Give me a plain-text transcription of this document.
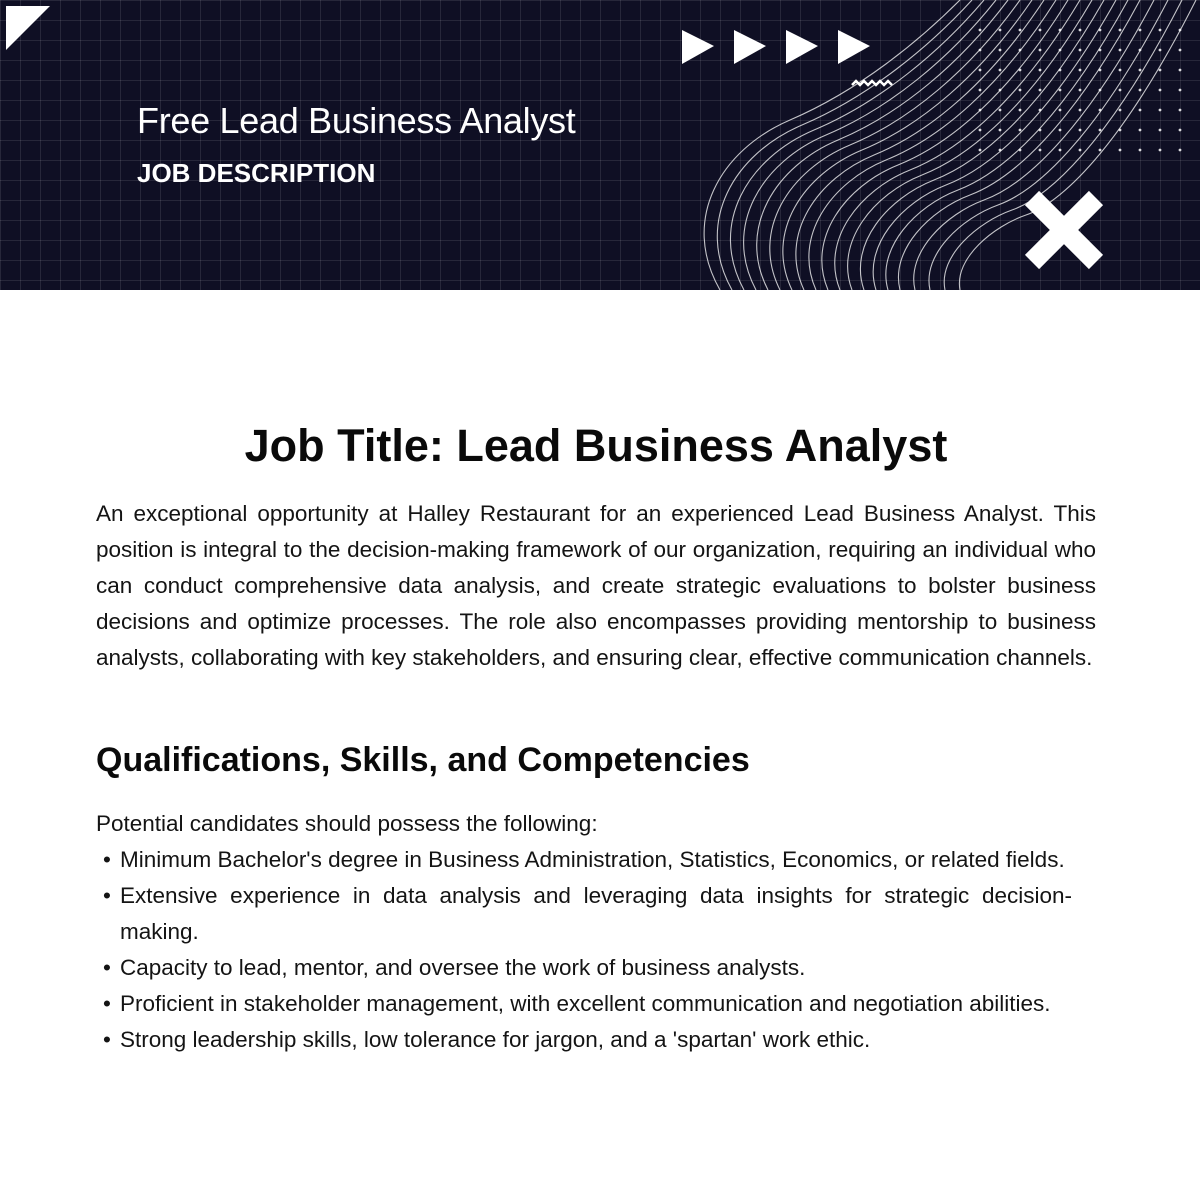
Free Lead Business Analyst
JOB DESCRIPTION
Job Title: Lead Business Analyst

An exceptional opportunity at Halley Restaurant for an experienced Lead Business Analyst. This position is integral to the decision-making framework of our organization, requiring an individual who can conduct comprehensive data analysis, and create strategic evaluations to bolster business decisions and optimize processes. The role also encompasses providing mentorship to business analysts, collaborating with key stakeholders, and ensuring clear, effective communication channels.

Qualifications, Skills, and Competencies

Potential candidates should possess the following:

• Minimum Bachelor's degree in Business Administration, Statistics, Economics, or related fields.
• Extensive experience in data analysis and leveraging data insights for strategic decision-making.
• Capacity to lead, mentor, and oversee the work of business analysts.
• Proficient in stakeholder management, with excellent communication and negotiation abilities.
• Strong leadership skills, low tolerance for jargon, and a 'spartan' work ethic.
